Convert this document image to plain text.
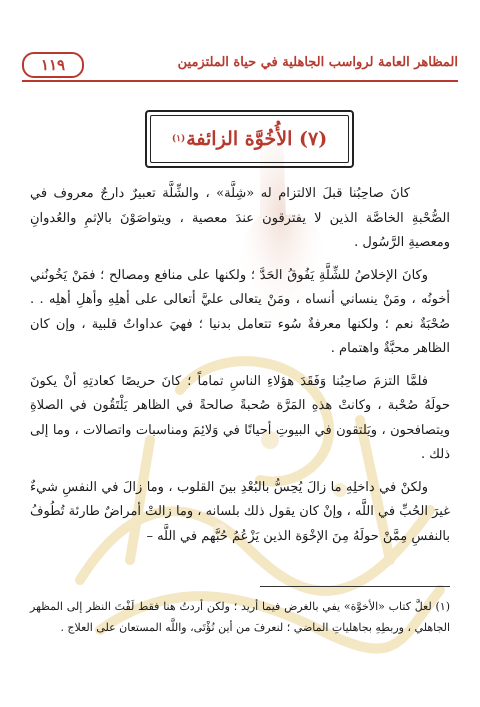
١١٩	المظاهر العامة لرواسب الجاهلية في حياة الملتزمين
(٧) الأُخُوَّة الزائفة
(١)

كانَ صاحِبُنا قبلَ الالتزام له «شِلَّة» ، والشِّلَّة تعبيرٌ دارجٌ معروف في الصُّحْبةِ الخاصَّة الذين لا يفترقون عندَ معصية ، ويتواصَوْنَ بالإثمِ والعُدوانِ ومعصيةِ الرَّسُول .

وكانَ الإخلاصُ للشِّلَّةِ يَفُوقُ الحَدَّ ؛ ولكنها على منافع ومصالح ؛ فمَنْ يَخُونُني أخونُه ، ومَنْ ينساني أنساه ، ومَنْ يتعالى عليَّ أتعالى على أهلِهِ وأهلِ أهلِه . . صُحْبَةٌ نعم ؛ ولكنها معرفةٌ سُوء تتعامل بدنيا ؛ فهيَ عداواتٌ قلبية ، وإن كان الظاهر محبَّةٌ واهتمام .

فلمَّا التزمَ صاحِبُنا وَفَقَدَ هؤلاءِ الناسِ تماماً ؛ كانَ حريصًا كعادتِهِ أنْ يكونَ حولَهُ صُحْبة ، وكانتْ هذهِ المَرَّة صُحبةً صالحةً في الظاهر يَلْتَقُون في الصلاةِ ويتصافحون ، ويَلتقون في البيوتِ أحيانًا في وَلائِمَ ومناسبات واتصالات ، وما إلى ذلك .

ولكنْ في داخلِهِ ما زالَ يُحِسُّ بالبُعْدِ بينَ القلوب ، وما زالَ في النفسِ شيءٌ غيرَ الحُبِّ في اللَّه ، وإنْ كان يقول ذلك بلسانه ، وما زالتْ أمراضٌ طارئة تُطُوفُ بالنفسِ مِمَّنْ حولَهُ مِنَ الإخْوَة الذين يَزْعُمُ حُبَّهم في اللَّه –

(١) لعلَّ كتاب «الأخوَّة» يفي بالغرض فيما أريد ؛ ولكن أردتُ هنا فقط لَفْتَ النظر إلى المظهر الجاهلي ، وربطِهِ بجاهلياتِ الماضي ؛ لنعرفَ من أين نُؤْتَى، واللَّه المستعان على العلاج .
